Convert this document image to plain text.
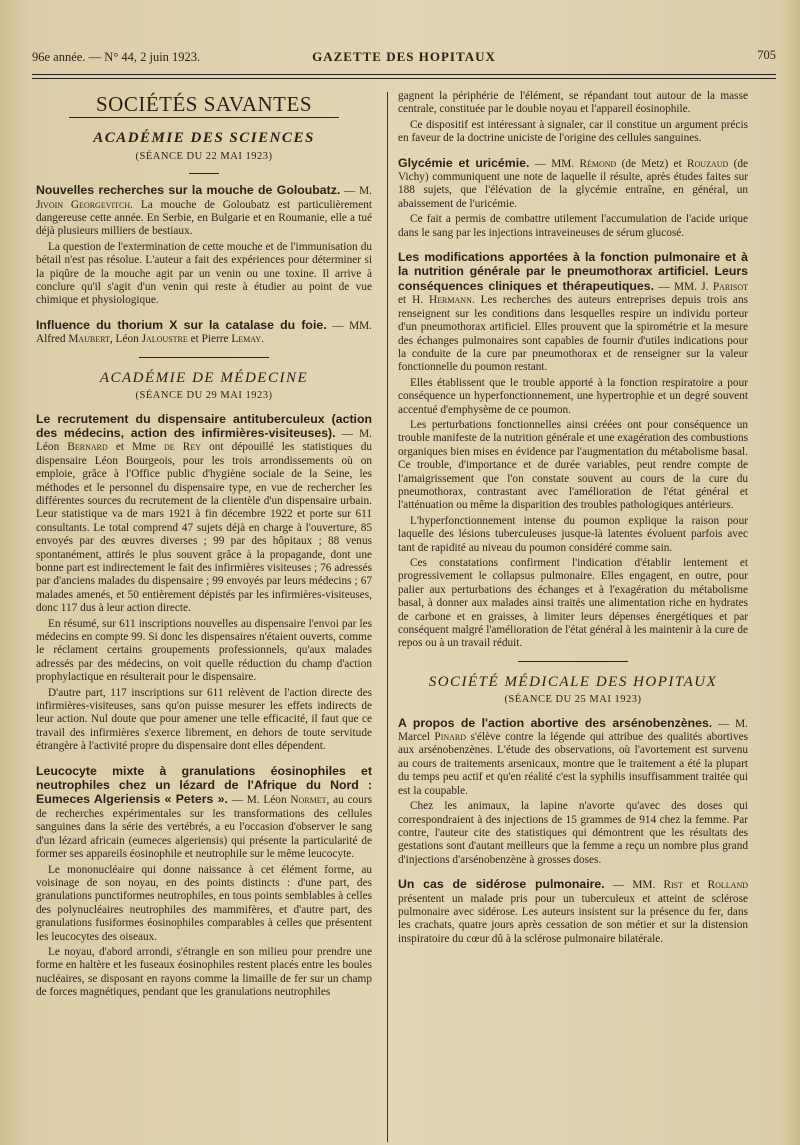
96e année. — N° 44, 2 juin 1923.	GAZETTE DES HOPITAUX	705
SOCIÉTÉS SAVANTES
ACADÉMIE DES SCIENCES
(SÉANCE DU 22 MAI 1923)

Nouvelles recherches sur la mouche de Goloubatz. — M. Jivoin Georgevitch. La mouche de Goloubatz est particulièrement dangereuse cette année. En Serbie, en Bulgarie et en Roumanie, elle a tué déjà plusieurs milliers de bestiaux.

La question de l'extermination de cette mouche et de l'immunisation du bétail n'est pas résolue. L'auteur a fait des expériences pour déterminer si la piqûre de la mouche agit par un venin ou une toxine. Il arrive à conclure qu'il s'agit d'un venin qui reste à étudier au point de vue chimique et physiologique.

Influence du thorium X sur la catalase du foie. — MM. Alfred Maubert, Léon Jaloustre et Pierre Lemay.

ACADÉMIE DE MÉDECINE
(SÉANCE DU 29 MAI 1923)

Le recrutement du dispensaire antituberculeux (action des médecins, action des infirmières-visiteuses). — M. Léon Bernard et Mme de Rey ont dépouillé les statistiques du dispensaire Léon Bourgeois, pour les trois arrondissements où on emploie, grâce à l'Office public d'hygiène sociale de la Seine, les méthodes et le personnel du dispensaire type, en vue de rechercher les différentes sources du recrutement de la clientèle d'un dispensaire urbain. Leur statistique va de mars 1921 à fin décembre 1922 et porte sur 611 consultants. Le total comprend 47 sujets déjà en charge à l'ouverture, 85 envoyés par des œuvres diverses ; 99 par des hôpitaux ; 88 venus spontanément, attirés le plus souvent grâce à la propagande, dont une bonne part est indirectement le fait des infirmières visiteuses ; 76 adressés par d'anciens malades du dispensaire ; 99 envoyés par leurs médecins ; 67 malades amenés, et 50 entièrement dépistés par les infirmières-visiteuses, donc 117 dus à leur action directe.

En résumé, sur 611 inscriptions nouvelles au dispensaire l'envoi par les médecins en compte 99. Si donc les dispensaires n'étaient ouverts, comme le réclament certains groupements professionnels, qu'aux malades adressés par des médecins, on voit quelle réduction du champ d'action prophylactique en résulterait pour le dispensaire.

D'autre part, 117 inscriptions sur 611 relèvent de l'action directe des infirmières-visiteuses, sans qu'on puisse mesurer les effets indirects de leur action. Nul doute que pour amener une telle efficacité, il faut que ce travail des infirmières s'exerce librement, en dehors de toute servitude étrangère à l'activité propre du dispensaire dont elles dépendent.

Leucocyte mixte à granulations éosinophiles et neutrophiles chez un lézard de l'Afrique du Nord : Eumeces Algeriensis « Peters ». — M. Léon Normet, au cours de recherches expérimentales sur les transformations des cellules sanguines dans la série des vertébrés, a eu l'occasion d'observer le sang d'un lézard africain (eumeces algeriensis) qui présente la particularité de former ses appareils éosinophile et neutrophile sur le même leucocyte.

Le mononucléaire qui donne naissance à cet élément forme, au voisinage de son noyau, en des points distincts : d'une part, des granulations punctiformes neutrophiles, en tous points semblables à celles des polynucléaires neutrophiles des mammifères, et d'autre part, des granulations fusiformes éosinophiles comparables à celles que présentent les leucocytes des oiseaux.

Le noyau, d'abord arrondi, s'étrangle en son milieu pour prendre une forme en haltère et les fuseaux éosinophiles restent placés entre les boules nucléaires, se disposant en rayons comme la limaille de fer sur un champ de forces magnétiques, pendant que les granulations neutrophiles

gagnent la périphérie de l'élément, se répandant tout autour de la masse centrale, constituée par le double noyau et l'appareil éosinophile.

Ce dispositif est intéressant à signaler, car il constitue un argument précis en faveur de la doctrine uniciste de l'origine des cellules sanguines.

Glycémie et uricémie. — MM. Rémond (de Metz) et Rouzaud (de Vichy) communiquent une note de laquelle il résulte, après études faites sur 188 sujets, que l'élévation de la glycémie entraîne, en général, un abaissement de l'uricémie.

Ce fait a permis de combattre utilement l'accumulation de l'acide urique dans le sang par les injections intraveineuses de sérum glucosé.

Les modifications apportées à la fonction pulmonaire et à la nutrition générale par le pneumothorax artificiel. Leurs conséquences cliniques et thérapeutiques. — MM. J. Parisot et H. Hermann. Les recherches des auteurs entreprises depuis trois ans renseignent sur les conditions dans lesquelles respire un individu porteur d'un pneumothorax artificiel. Elles prouvent que la spirométrie et la mesure des échanges pulmonaires sont capables de fournir d'utiles indications pour la conduite de la cure par pneumothorax et de renseigner sur la valeur fonctionnelle du poumon restant.

Elles établissent que le trouble apporté à la fonction respiratoire a pour conséquence un hyperfonctionnement, une hypertrophie et un degré souvent accentué d'emphysème de ce poumon.

Les perturbations fonctionnelles ainsi créées ont pour conséquence un trouble manifeste de la nutrition générale et une exagération des combustions organiques bien mises en évidence par l'augmentation du métabolisme basal. Ce trouble, d'importance et de durée variables, peut rendre compte de l'amaigrissement que l'on constate souvent au cours de la cure du pneumothorax, contrastant avec l'amélioration de l'état général et l'atténuation ou même la disparition des troubles pathologiques antérieurs.

L'hyperfonctionnement intense du poumon explique la raison pour laquelle des lésions tuberculeuses jusque-là latentes évoluent parfois avec tant de rapidité au niveau du poumon considéré comme sain.

Ces constatations confirment l'indication d'établir lentement et progressivement le collapsus pulmonaire. Elles engagent, en outre, pour palier aux perturbations des échanges et à l'exagération du métabolisme basal, à donner aux malades ainsi traités une alimentation riche en hydrates de carbone et en graisses, à limiter leurs dépenses énergétiques et par conséquent malgré l'amélioration de l'état général à les maintenir à la cure de repos ou à un travail réduit.

SOCIÉTÉ MÉDICALE DES HOPITAUX
(SÉANCE DU 25 MAI 1923)

A propos de l'action abortive des arsénobenzènes. — M. Marcel Pinard s'élève contre la légende qui attribue des qualités abortives aux arsénobenzènes. L'étude des observations, où l'avortement est survenu au cours de traitements arsenicaux, montre que le traitement a été la plupart du temps peu actif et qu'en réalité c'est la syphilis insuffisamment traitée qui est la coupable.

Chez les animaux, la lapine n'avorte qu'avec des doses qui correspondraient à des injections de 15 grammes de 914 chez la femme. Par contre, l'auteur cite des statistiques qui démontrent que les résultats des gestations sont d'autant meilleurs que la femme a reçu un nombre plus grand d'injections d'arsénobenzène à grosses doses.

Un cas de sidérose pulmonaire. — MM. Rist et Rolland présentent un malade pris pour un tuberculeux et atteint de sclérose pulmonaire avec sidérose. Les auteurs insistent sur la présence du fer, dans les crachats, quatre jours après cessation de son métier et sur la distension inspiratoire du cœur dû à la sclérose pulmonaire bilatérale.
